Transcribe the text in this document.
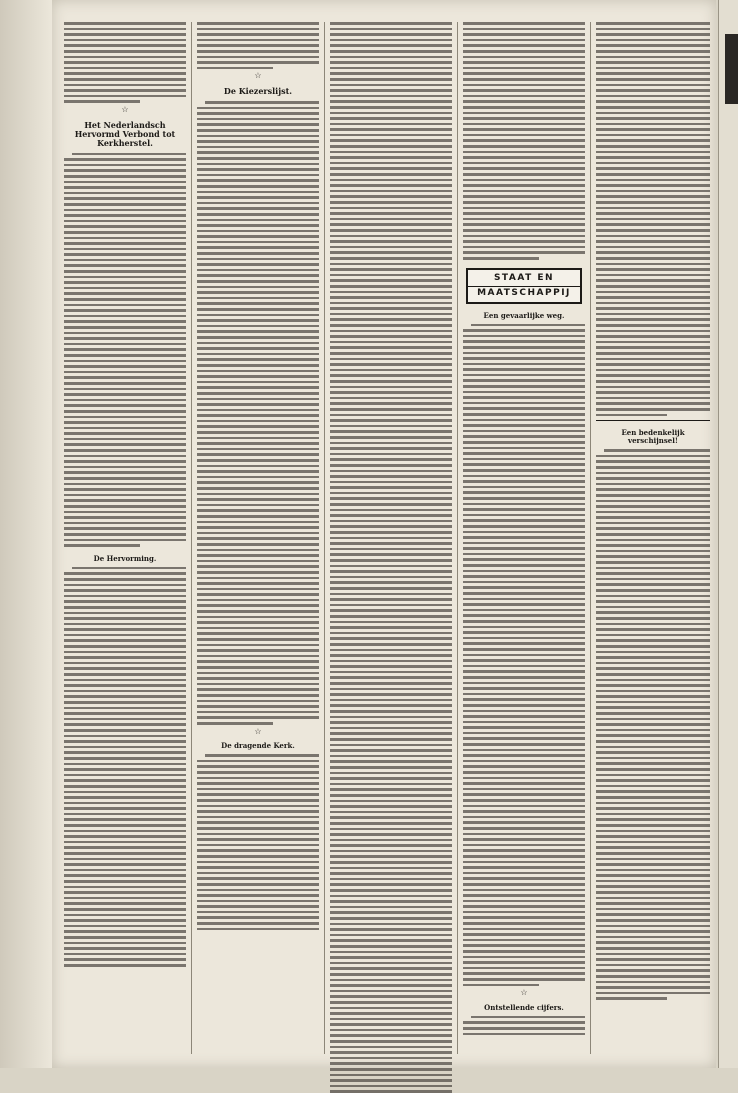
☆
Het Nederlandsch Hervormd Verbond tot Kerkherstel.
De Hervorming.
☆
De Kiezerslijst.
☆
De dragende Kerk.
STAAT EN
MAATSCHAPPIJ
Een gevaarlijke weg.
☆
Ontstellende cijfers.
Een bedenkelijk verschijnsel!
